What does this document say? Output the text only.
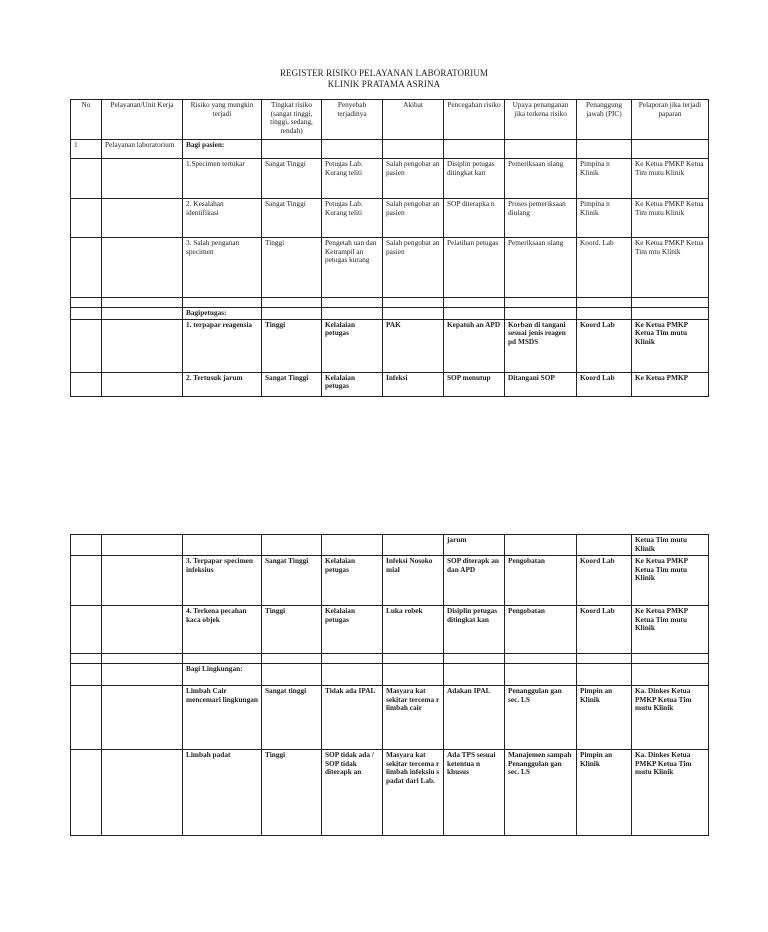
REGISTER RISIKO PELAYANAN LABORATORIUM
KLINIK PRATAMA ASRINA
No	Pelayanan/Unit Kerja	Risiko yang mungkin terjadi	Tingkat risiko (sangat tinggi, tinggi, sedang, rendah)	Penyebab terjadinya	Akibat	Pencegahan risiko	Upaya penanganan jika terkena risiko	Penanggung jawab (PIC)	Pelaporan jika terjadi paparan
1	Pelayanan laboratorium	Bagi pasien:							
		1.Specimen tertukar	Sangat Tinggi	Petugas Lab. Kurang teliti	Salah pengobat an pasien	Disiplin petugas ditingkat kan	Pemeriksaan ulang	Pimpina n Klinik	Ke Ketua PMKP Ketua Tim mutu Klinik
		2. Kesalahan identifikasi	Sangat Tinggi	Petugas Lab. Kurang teliti	Salah pengobat an pasien	SOP diterapka n	Proses pemeriksaan diulang	Pimpina n Klinik	Ke Ketua PMKP Ketua Tim mutu Klinik
		3. Salah penganan specimen	Tinggi	Pengetah uan dan Ketrampil an petugas kurang	Salah pengobat an pasien	Pelatihan petugas	Pemeriksaan ulang	Koord. Lab	Ke Ketua PMKP Ketua Tim mtu Klinik

		Bagipetugas:							
		1. terpapar reagensia	Tinggi	Kelalaian petugas	PAK	Kepatuh an APD	Korban di tangani sesuai jenis reagen pd MSDS	Koord Lab	Ke Ketua PMKP Ketua Tim mutu Klinik
		2. Tertusuk jarum	Sangat Tinggi	Kelalaian petugas	Infeksi	SOP menutup	Ditangani SOP	Koord Lab	Ke Ketua PMKP
						jarum			Ketua Tim mutu Klinik
		3. Terpapar specimen infeksius	Sangat Tinggi	Kelalaian petugas	Infeksi Nosoko mial	SOP diterapk an dan APD	Pengobatan	Koord Lab	Ke Ketua PMKP Ketua Tim mutu Klinik
		4. Terkena pecahan kaca objek	Tinggi	Kelalaian petugas	Luka robek	Disiplin petugas ditingkat kan	Pengobatan	Koord Lab	Ke Ketua PMKP Ketua Tim mutu Klinik

		Bagi Lingkungan:							
		Limbah Cair mencemari lingkungan	Sangat tinggi	Tidak ada IPAL	Masyara kat sekitar tercema r limbah cair	Adakan IPAL	Penanggulan gan sec. LS	Pimpin an Klinik	Ka. Dinkes Ketua PMKP Ketua Tim mutu Klinik
		Limbah padat	Tinggi	SOP tidak ada / SOP tidak diterapk an	Masyara kat sekitar tercema r limbah infeksiu s padat dari Lab.	Ada TPS sesuai ketentua n khusus	Manajemen sampah Penanggulan gan sec. LS	Pimpin an Klinik	Ka. Dinkes Ketua PMKP Ketua Tim mutu Klinik
